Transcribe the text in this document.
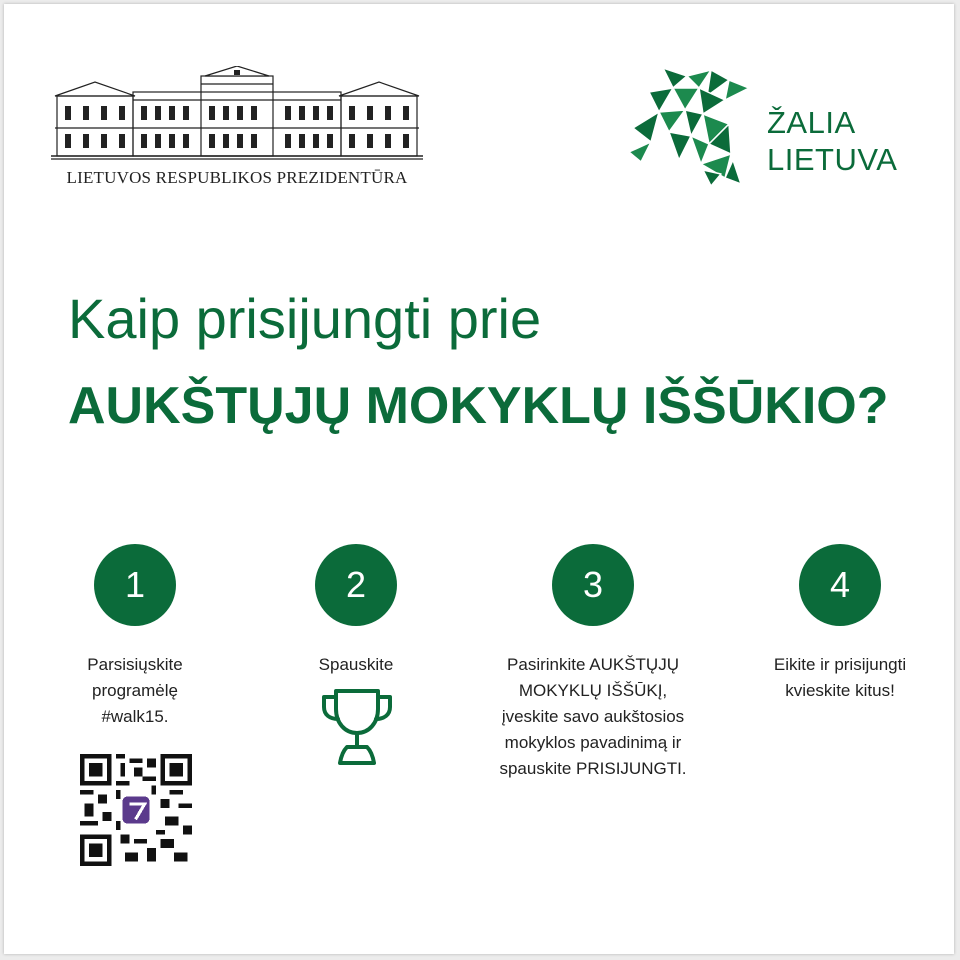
LIETUVOS RESPUBLIKOS PREZIDENTŪRA
ŽALIA
LIETUVA
Kaip prisijungti prie
AUKŠTŲJŲ MOKYKLŲ IŠŠŪKIO?
1
Parsisiųskite programėlę #walk15.
2
Spauskite
3
Pasirinkite AUKŠTŲJŲ MOKYKLŲ IŠŠŪKĮ, įveskite savo aukštosios mokyklos pavadinimą ir spauskite PRISIJUNGTI.
4
Eikite ir prisijungti kvieskite kitus!
